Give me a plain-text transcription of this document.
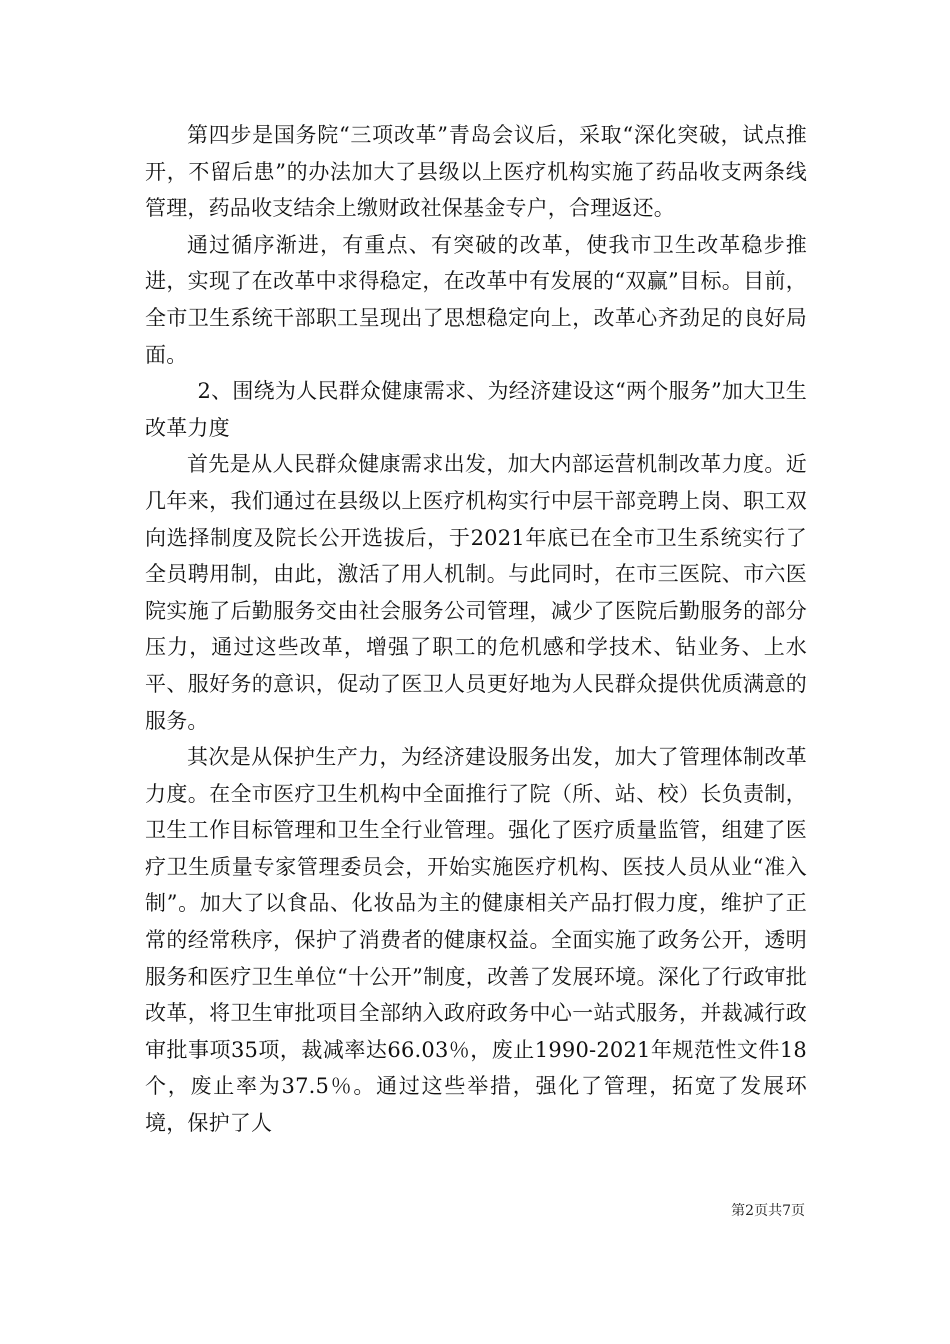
第四步是国务院“三项改革”青岛会议后，采取“深化突破，试点推开，不留后患”的办法加大了县级以上医疗机构实施了药品收支两条线管理，药品收支结余上缴财政社保基金专户，合理返还。

通过循序渐进，有重点、有突破的改革，使我市卫生改革稳步推进，实现了在改革中求得稳定，在改革中有发展的“双赢”目标。目前，全市卫生系统干部职工呈现出了思想稳定向上，改革心齐劲足的良好局面。

2、围绕为人民群众健康需求、为经济建设这“两个服务”加大卫生改革力度

首先是从人民群众健康需求出发，加大内部运营机制改革力度。近几年来，我们通过在县级以上医疗机构实行中层干部竞聘上岗、职工双向选择制度及院长公开选拔后，于2021年底已在全市卫生系统实行了全员聘用制，由此，激活了用人机制。与此同时，在市三医院、市六医院实施了后勤服务交由社会服务公司管理，减少了医院后勤服务的部分压力，通过这些改革，增强了职工的危机感和学技术、钻业务、上水平、服好务的意识，促动了医卫人员更好地为人民群众提供优质满意的服务。

其次是从保护生产力，为经济建设服务出发，加大了管理体制改革力度。在全市医疗卫生机构中全面推行了院（所、站、校）长负责制，卫生工作目标管理和卫生全行业管理。强化了医疗质量监管，组建了医疗卫生质量专家管理委员会，开始实施医疗机构、医技人员从业“准入制”。加大了以食品、化妆品为主的健康相关产品打假力度，维护了正常的经常秩序，保护了消费者的健康权益。全面实施了政务公开，透明服务和医疗卫生单位“十公开”制度，改善了发展环境。深化了行政审批改革，将卫生审批项目全部纳入政府政务中心一站式服务，并裁减行政审批事项35项，裁减率达66.03％，废止1990-2021年规范性文件18个，废止率为37.5％。通过这些举措，强化了管理，拓宽了发展环境，保护了人

第2页共7页
